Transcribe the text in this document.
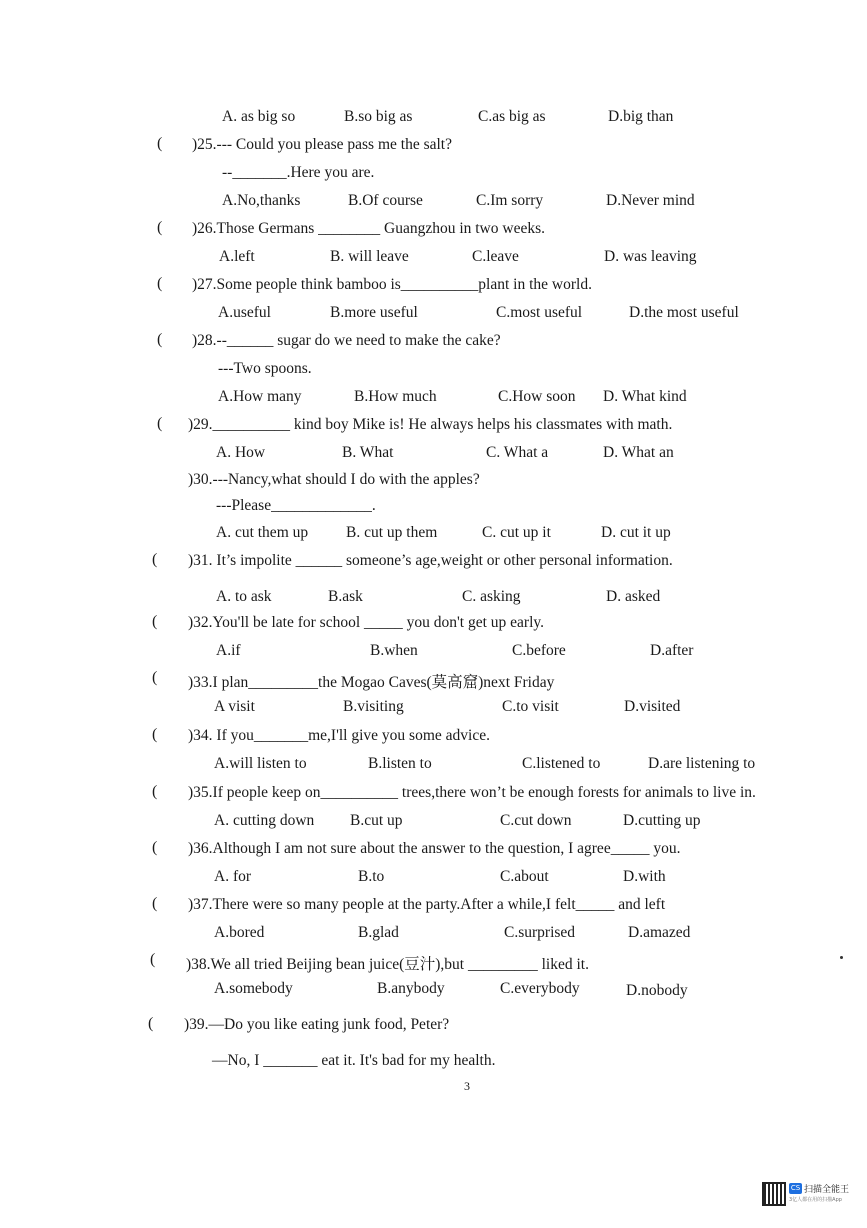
A. as big so	B.so big as	C.as big as	D.big than
( )25.--- Could you please pass me the salt?
--_______.Here you are.
A.No,thanks	B.Of course	C.Im sorry	D.Never mind
( )26.Those Germans ________ Guangzhou in two weeks.
A.left	B. will leave	C.leave	D. was leaving
( )27.Some people think bamboo is__________plant in the world.
A.useful	B.more useful	C.most useful	D.the most useful
( )28.--______ sugar do we need to make the cake?
---Two spoons.
A.How many	B.How much	C.How soon D. What kind
( )29.__________ kind boy Mike is! He always helps his classmates with math.
A. How	B. What	C. What a	D. What an
)30.---Nancy,what should I do with the apples?
---Please_____________.
A. cut them up B. cut up them	C. cut up it	D. cut it up
( )31. It’s impolite ______ someone’s age,weight or other personal information.
A. to ask	B.ask	C. asking	D. asked
( )32.You'll be late for school _____ you don't get up early.
A.if	B.when	C.before	D.after
( )33.I plan_________the Mogao Caves(莫高窟)next Friday
A visit	B.visiting	C.to visit	D.visited
( )34. If you_______me,I'll give you some advice.
A.will listen to	B.listen to	C.listened to	D.are listening to
( )35.If people keep on__________ trees,there won’t be enough forests for animals to live in.
A. cutting down B.cut up	C.cut down	D.cutting up
( )36.Although I am not sure about the answer to the question, I agree_____ you.
A. for	B.to	C.about	D.with
( )37.There were so many people at the party.After a while,I felt_____ and left
A.bored	B.glad	C.surprised	D.amazed
( )38.We all tried Beijing bean juice(豆汁),but _________ liked it.
A.somebody	B.anybody	C.everybody	D.nobody
( )39.—Do you like eating junk food, Peter?
—No, I _______ eat it. It's bad for my health.
3
CS 扫描全能王
3亿人都在用的扫描App
